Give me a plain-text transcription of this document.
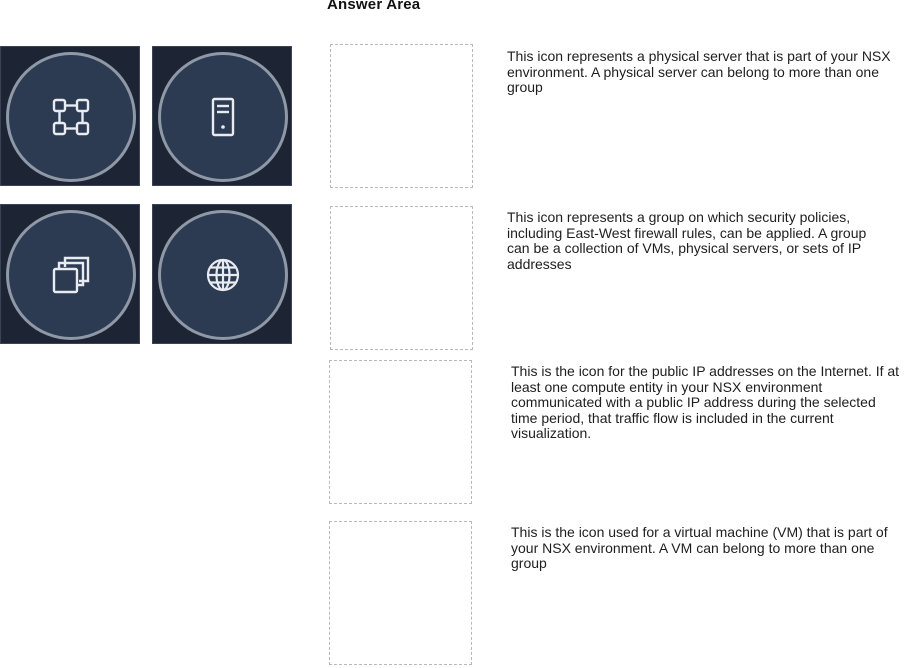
Answer Area
This icon represents a physical server that is part of your NSX environment. A physical server can belong to more than one group
This icon represents a group on which security policies, including East-West firewall rules, can be applied. A group can be a collection of VMs, physical servers, or sets of IP addresses
This is the icon for the public IP addresses on the Internet. If at least one compute entity in your NSX environment communicated with a public IP address during the selected time period, that traffic flow is included in the current visualization.
This is the icon used for a virtual machine (VM) that is part of your NSX environment. A VM can belong to more than one group
